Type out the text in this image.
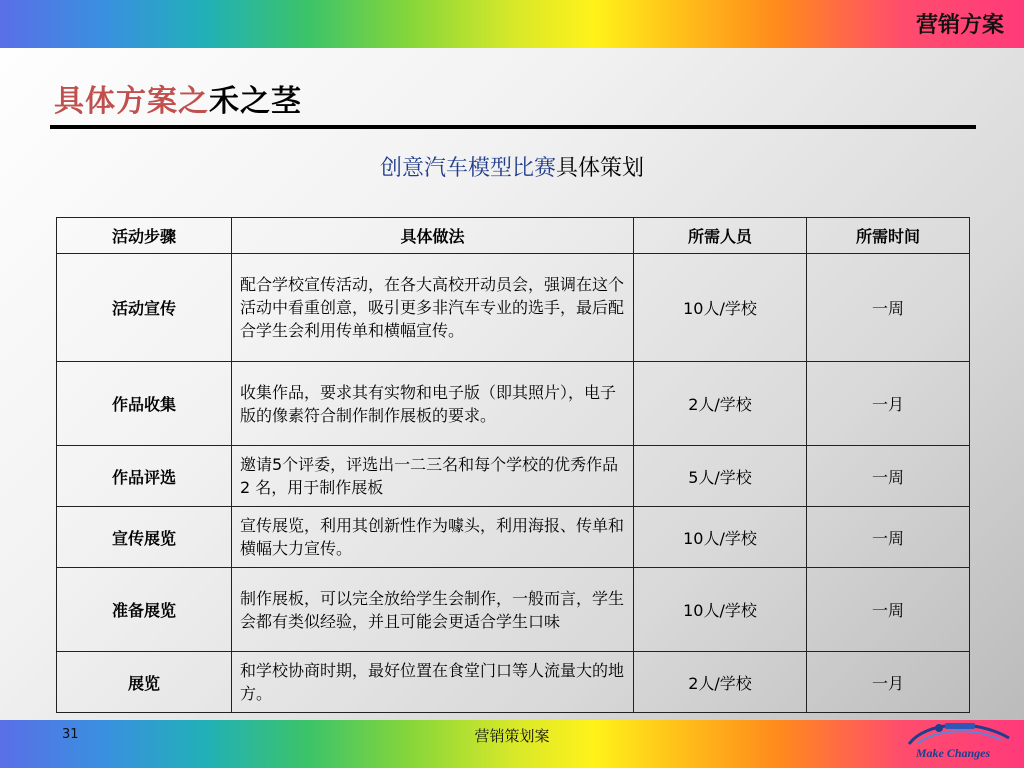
营销方案
具体方案之禾之茎
创意汽车模型比赛具体策划
活动步骤	具体做法	所需人员	所需时间
活动宣传	配合学校宣传活动，在各大高校开动员会，强调在这个活动中看重创意，吸引更多非汽车专业的选手，最后配合学生会利用传单和横幅宣传。	10人/学校	一周
作品收集	收集作品，要求其有实物和电子版（即其照片），电子版的像素符合制作制作展板的要求。	2人/学校	一月
作品评选	邀请5个评委，评选出一二三名和每个学校的优秀作品2 名，用于制作展板	5人/学校	一周
宣传展览	宣传展览，利用其创新性作为噱头，利用海报、传单和横幅大力宣传。	10人/学校	一周
准备展览	制作展板，可以完全放给学生会制作，一般而言，学生会都有类似经验，并且可能会更适合学生口味	10人/学校	一周
展览	和学校协商时期，最好位置在食堂门口等人流量大的地方。	2人/学校	一月
31	营销策划案
Make Changes
